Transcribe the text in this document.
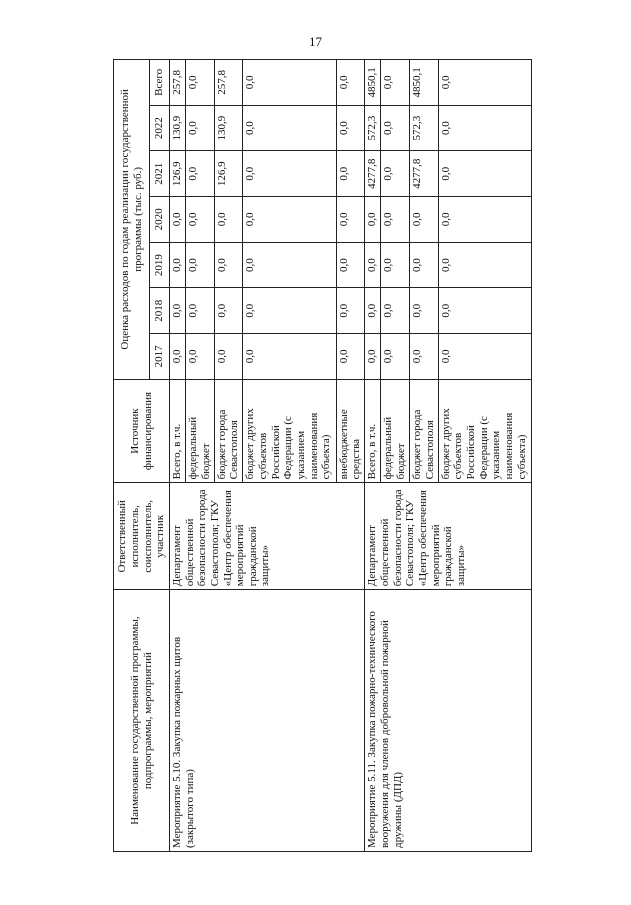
17
Наименование государственной программы, подпрограммы, мероприятий	Ответственный исполнитель, соисполнитель, участник	Источник финансирования	Оценка расходов по годам реализации государственной программы (тыс. руб.)						
			2017	2018	2019	2020	2021	2022	Всего
Мероприятие 5.10. Закупка пожарных щитов (закрытого типа)	Департамент общественной безопасности города Севастополя; ГКУ «Центр обеспечения мероприятий гражданской защиты»	Всего, в т.ч.	0,0	0,0	0,0	0,0	126,9	130,9	257,8
		федеральный бюджет	0,0	0,0	0,0	0,0	0,0	0,0	0,0
		бюджет города Севастополя	0,0	0,0	0,0	0,0	126,9	130,9	257,8
		бюджет других субъектов Российской Федерации (с указанием наименования субъекта)	0,0	0,0	0,0	0,0	0,0	0,0	0,0
		внебюджетные средства	0,0	0,0	0,0	0,0	0,0	0,0	0,0
Мероприятие 5.11. Закупка пожарно-технического вооружения для членов добровольной пожарной дружины (ДПД)	Департамент общественной безопасности города Севастополя; ГКУ «Центр обеспечения мероприятий гражданской защиты»	Всего, в т.ч.	0,0	0,0	0,0	0,0	4277,8	572,3	4850,1
		федеральный бюджет	0,0	0,0	0,0	0,0	0,0	0,0	0,0
		бюджет города Севастополя	0,0	0,0	0,0	0,0	4277,8	572,3	4850,1
		бюджет других субъектов Российской Федерации (с указанием наименования субъекта)	0,0	0,0	0,0	0,0	0,0	0,0	0,0
